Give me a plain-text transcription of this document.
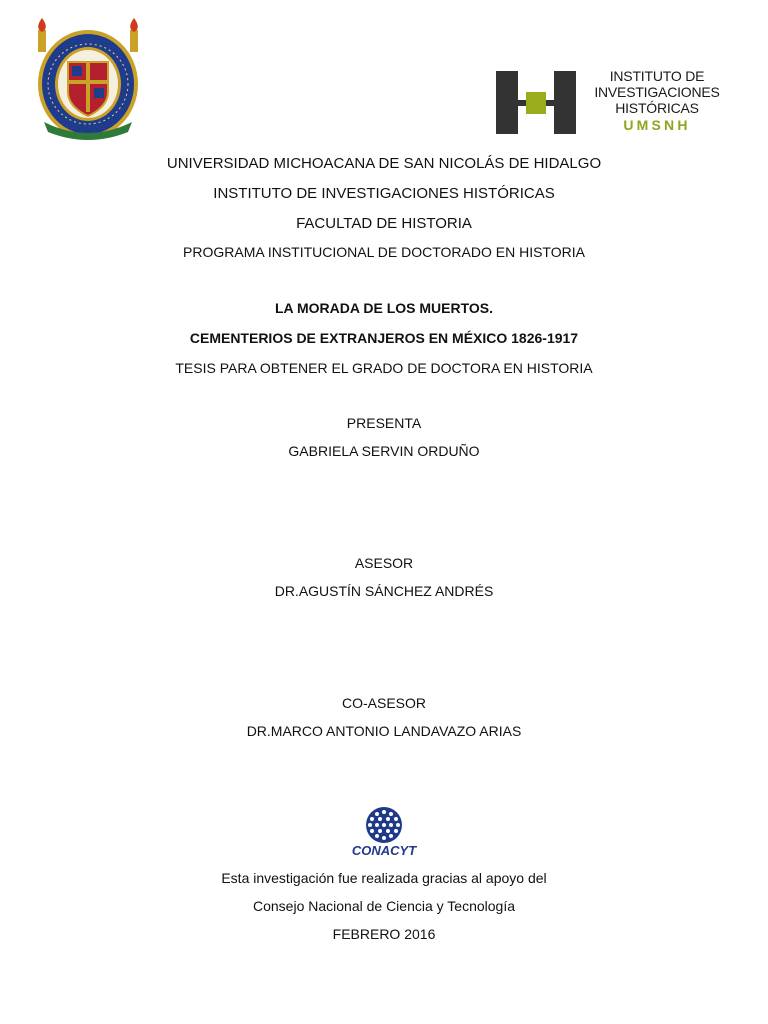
INSTITUTO DE
INVESTIGACIONES
HISTÓRICAS
UMSNH
UNIVERSIDAD MICHOACANA DE SAN NICOLÁS DE HIDALGO
INSTITUTO DE INVESTIGACIONES HISTÓRICAS
FACULTAD DE HISTORIA
PROGRAMA INSTITUCIONAL DE DOCTORADO EN HISTORIA
LA MORADA DE LOS MUERTOS.
CEMENTERIOS DE EXTRANJEROS EN MÉXICO 1826-1917
TESIS PARA OBTENER EL GRADO DE DOCTORA EN HISTORIA
PRESENTA
GABRIELA SERVIN ORDUÑO
ASESOR
DR.AGUSTÍN SÁNCHEZ ANDRÉS
CO-ASESOR
DR.MARCO ANTONIO LANDAVAZO ARIAS
CONACYT
Esta investigación fue realizada gracias al apoyo del
Consejo Nacional de Ciencia y Tecnología
FEBRERO 2016
